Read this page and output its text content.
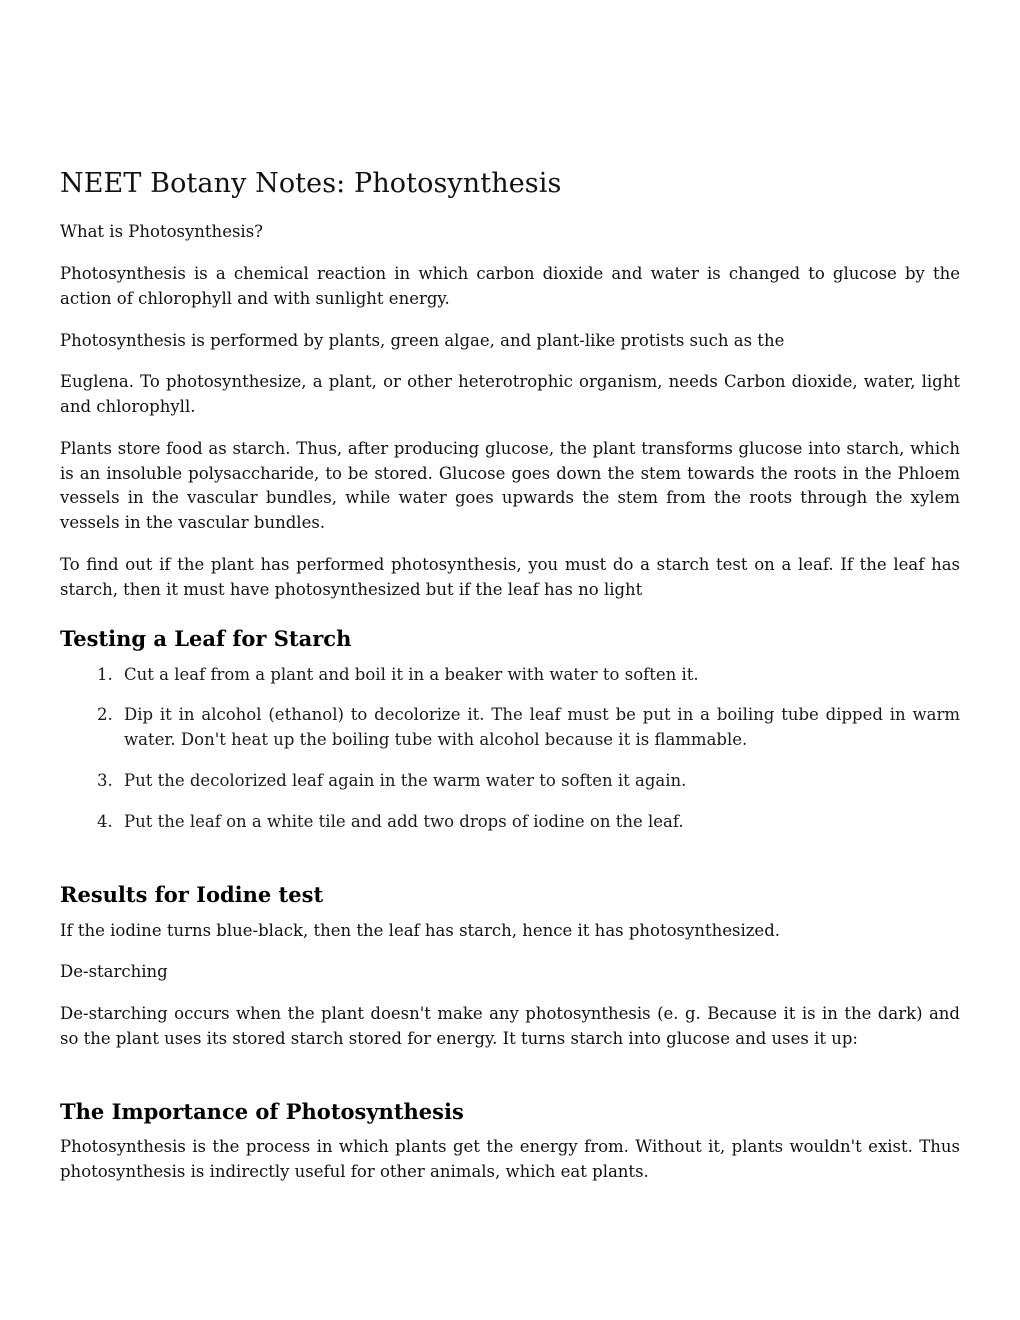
NEET Botany Notes: Photosynthesis

What is Photosynthesis?

Photosynthesis is a chemical reaction in which carbon dioxide and water is changed to glucose by the action of chlorophyll and with sunlight energy.

Photosynthesis is performed by plants, green algae, and plant-like protists such as the

Euglena. To photosynthesize, a plant, or other heterotrophic organism, needs Carbon dioxide, water, light and chlorophyll.

Plants store food as starch. Thus, after producing glucose, the plant transforms glucose into starch, which is an insoluble polysaccharide, to be stored. Glucose goes down the stem towards the roots in the Phloem vessels in the vascular bundles, while water goes upwards the stem from the roots through the xylem vessels in the vascular bundles.

To find out if the plant has performed photosynthesis, you must do a starch test on a leaf. If the leaf has starch, then it must have photosynthesized but if the leaf has no light

Testing a Leaf for Starch
1. Cut a leaf from a plant and boil it in a beaker with water to soften it.
2. Dip it in alcohol (ethanol) to decolorize it. The leaf must be put in a boiling tube dipped in warm water. Don't heat up the boiling tube with alcohol because it is flammable.
3. Put the decolorized leaf again in the warm water to soften it again.
4. Put the leaf on a white tile and add two drops of iodine on the leaf.
Results for Iodine test

If the iodine turns blue-black, then the leaf has starch, hence it has photosynthesized.

De-starching

De-starching occurs when the plant doesn't make any photosynthesis (e. g. Because it is in the dark) and so the plant uses its stored starch stored for energy. It turns starch into glucose and uses it up:

The Importance of Photosynthesis

Photosynthesis is the process in which plants get the energy from. Without it, plants wouldn't exist. Thus photosynthesis is indirectly useful for other animals, which eat plants.
